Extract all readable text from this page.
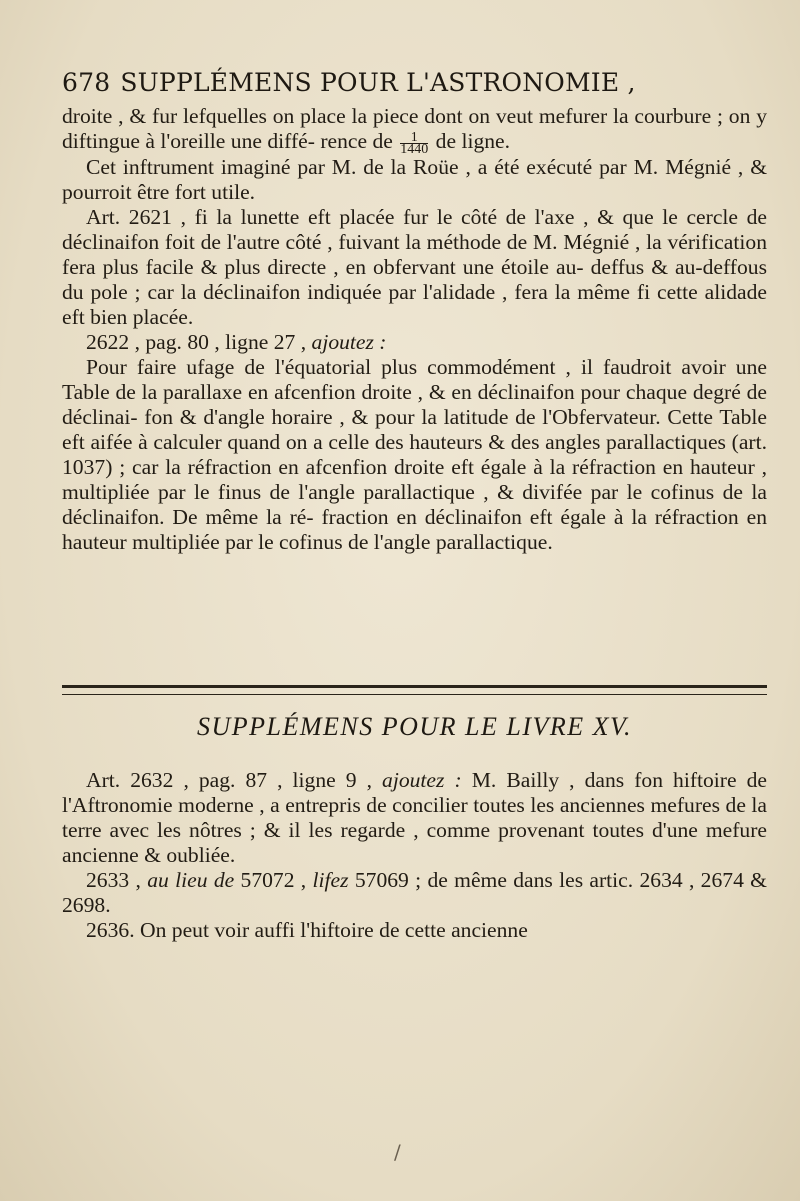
678 SUPPLÉMENS POUR L'ASTRONOMIE ,

droite , & fur lefquelles on place la piece dont on veut mefurer la courbure ; on y diftingue à l'oreille une diffé- rence de $\frac{1}{1440}$ de ligne.

Cet inftrument imaginé par M. de la Roüe , a été exécuté par M. Mégnié , & pourroit être fort utile.

Art. 2621 , fi la lunette eft placée fur le côté de l'axe , & que le cercle de déclinaifon foit de l'autre côté , fuivant la méthode de M. Mégnié , la vérification fera plus facile & plus directe , en obfervant une étoile au- deffus & au-deffous du pole ; car la déclinaifon indiquée par l'alidade , fera la même fi cette alidade eft bien placée.

2622 , pag. 80 , ligne 27 , ajoutez :

Pour faire ufage de l'équatorial plus commodément , il faudroit avoir une Table de la parallaxe en afcenfion droite , & en déclinaifon pour chaque degré de déclinai- fon & d'angle horaire , & pour la latitude de l'Obfervateur. Cette Table eft aifée à calculer quand on a celle des hauteurs & des angles parallactiques (art. 1037) ; car la réfraction en afcenfion droite eft égale à la réfraction en hauteur , multipliée par le finus de l'angle parallactique , & divifée par le cofinus de la déclinaifon. De même la ré- fraction en déclinaifon eft égale à la réfraction en hauteur multipliée par le cofinus de l'angle parallactique.

SUPPLÉMENS POUR LE LIVRE XV.

Art. 2632 , pag. 87 , ligne 9 , ajoutez : M. Bailly , dans fon hiftoire de l'Aftronomie moderne , a entrepris de concilier toutes les anciennes mefures de la terre avec les nôtres ; & il les regarde , comme provenant toutes d'une mefure ancienne & oubliée.

2633 , au lieu de 57072 , lifez 57069 ; de même dans les artic. 2634 , 2674 & 2698.

2636. On peut voir auffi l'hiftoire de cette ancienne

/
